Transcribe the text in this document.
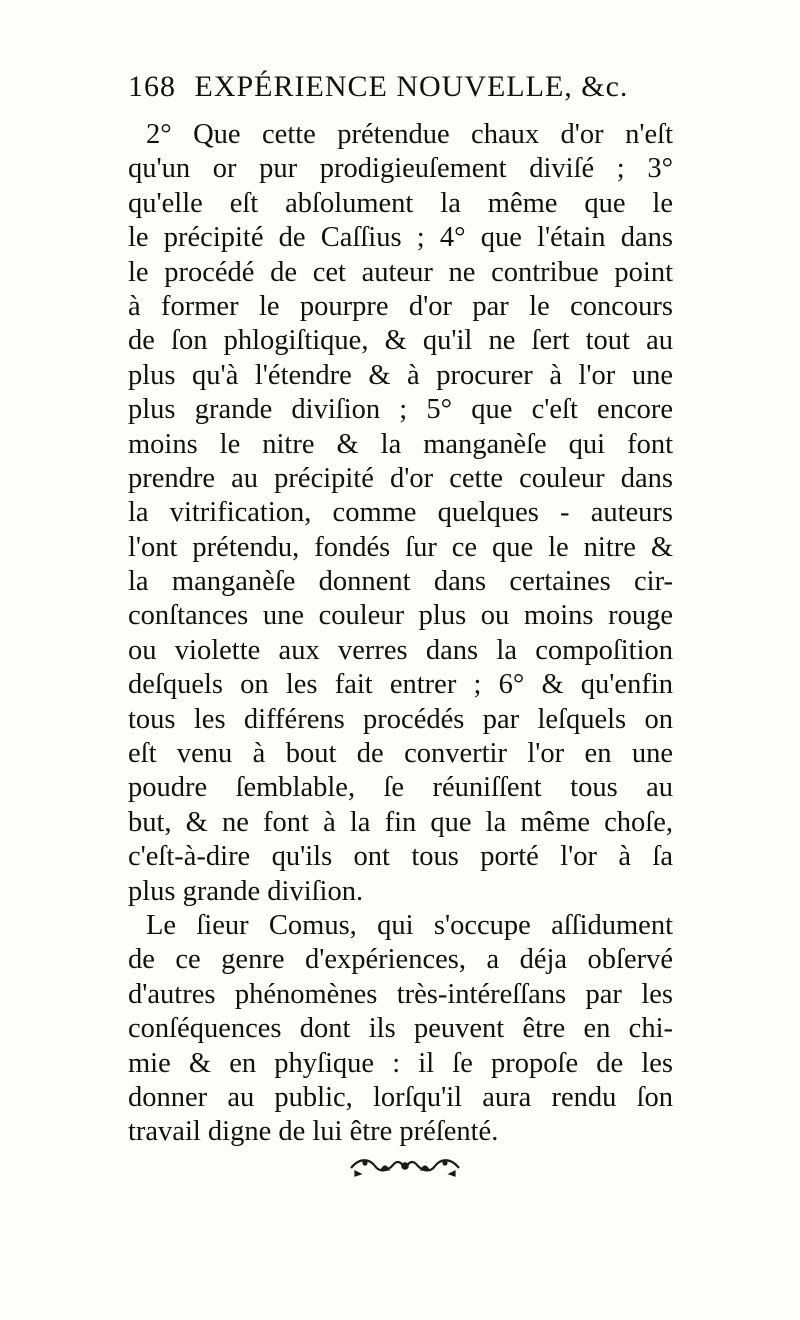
168 EXPÉRIENCE NOUVELLE, &c.
2° Que cette prétendue chaux d'or n'eſt
qu'un or pur prodigieuſement diviſé ; 3°
qu'elle eſt abſolument la même que le
le précipité de Caſſius ; 4° que l'étain dans
le procédé de cet auteur ne contribue point
à former le pourpre d'or par le concours
de ſon phlogiſtique, & qu'il ne ſert tout au
plus qu'à l'étendre & à procurer à l'or une
plus grande diviſion ; 5° que c'eſt encore
moins le nitre & la manganèſe qui font
prendre au précipité d'or cette couleur dans
la vitrification, comme quelques - auteurs
l'ont prétendu, fondés ſur ce que le nitre &
la manganèſe donnent dans certaines cir-
conſtances une couleur plus ou moins rouge
ou violette aux verres dans la compoſition
deſquels on les fait entrer ; 6° & qu'enfin
tous les différens procédés par leſquels on
eſt venu à bout de convertir l'or en une
poudre ſemblable, ſe réuniſſent tous au
but, & ne font à la fin que la même choſe,
c'eſt-à-dire qu'ils ont tous porté l'or à ſa
plus grande diviſion.
Le ſieur Comus, qui s'occupe aſſidument
de ce genre d'expériences, a déja obſervé
d'autres phénomènes très-intéreſſans par les
conſéquences dont ils peuvent être en chi-
mie & en phyſique : il ſe propoſe de les
donner au public, lorſqu'il aura rendu ſon
travail digne de lui être préſenté.
